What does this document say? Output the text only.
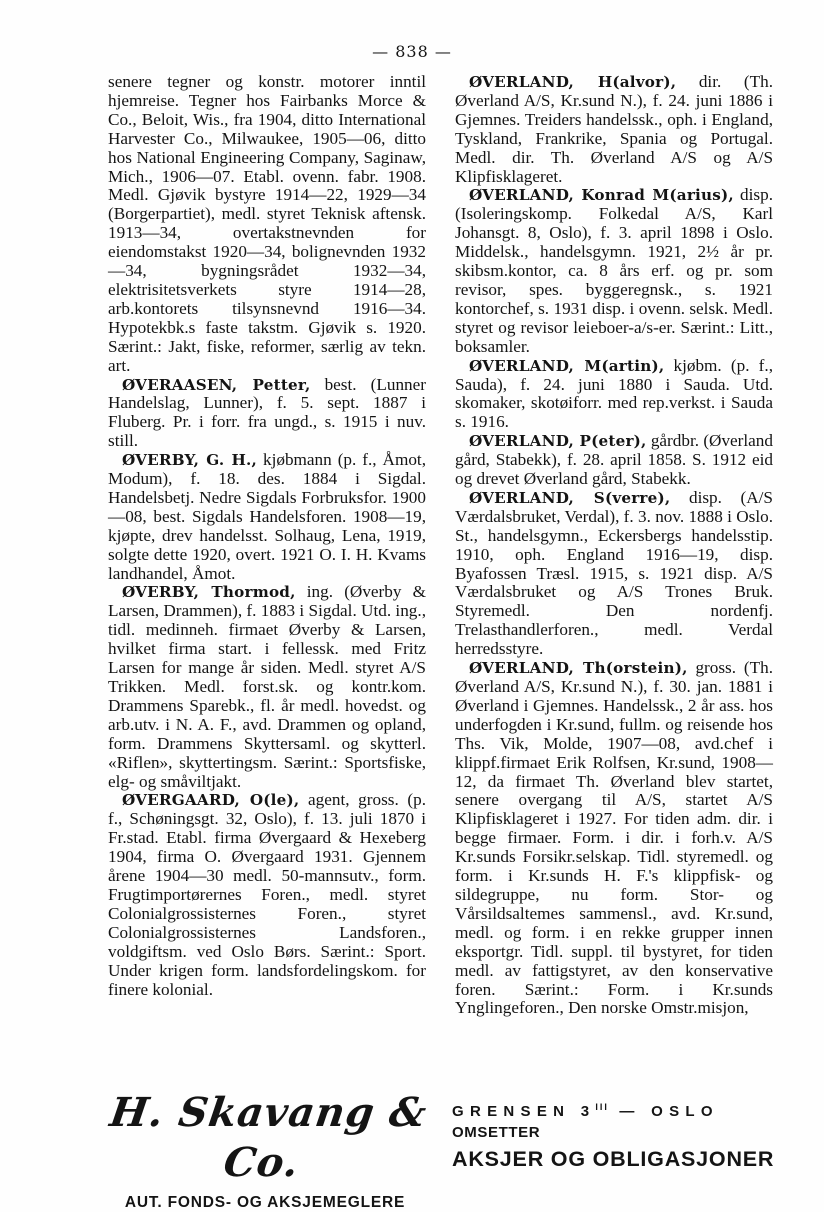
— 838 —

senere tegner og konstr. motorer inntil hjemreise. Tegner hos Fairbanks Morce & Co., Beloit, Wis., fra 1904, ditto International Harvester Co., Milwaukee, 1905—06, ditto hos National Engineering Company, Saginaw, Mich., 1906—07. Etabl. ovenn. fabr. 1908. Medl. Gjøvik bystyre 1914—22, 1929—34 (Borgerpartiet), medl. styret Teknisk aftensk. 1913—34, overtakstnevnden for eiendomstakst 1920—34, bolignevnden 1932—34, bygningsrådet 1932—34, elektrisitetsverkets styre 1914—28, arb.kontorets tilsynsnevnd 1916—34. Hypotekbk.s faste takstm. Gjøvik s. 1920. Særint.: Jakt, fiske, reformer, særlig av tekn. art.

ØVERAASEN, Petter, best. (Lunner Handelslag, Lunner), f. 5. sept. 1887 i Fluberg. Pr. i forr. fra ungd., s. 1915 i nuv. still.

ØVERBY, G. H., kjøbmann (p. f., Åmot, Modum), f. 18. des. 1884 i Sigdal. Handelsbetj. Nedre Sigdals Forbruksfor. 1900—08, best. Sigdals Handelsforen. 1908—19, kjøpte, drev handelsst. Solhaug, Lena, 1919, solgte dette 1920, overt. 1921 O. I. H. Kvams landhandel, Åmot.

ØVERBY, Thormod, ing. (Øverby & Larsen, Drammen), f. 1883 i Sigdal. Utd. ing., tidl. medinneh. firmaet Øverby & Larsen, hvilket firma start. i fellessk. med Fritz Larsen for mange år siden. Medl. styret A/S Trikken. Medl. forst.sk. og kontr.kom. Drammens Sparebk., fl. år medl. hovedst. og arb.utv. i N. A. F., avd. Drammen og opland, form. Drammens Skyttersaml. og skytterl. «Riflen», skyttertingsm. Særint.: Sportsfiske, elg- og småviltjakt.

ØVERGAARD, O(le), agent, gross. (p. f., Schøningsgt. 32, Oslo), f. 13. juli 1870 i Fr.stad. Etabl. firma Øvergaard & Hexeberg 1904, firma O. Øvergaard 1931. Gjennem årene 1904—30 medl. 50-mannsutv., form. Frugtimportørernes Foren., medl. styret Colonialgrossisternes Foren., styret Colonialgrossisternes Landsforen., voldgiftsm. ved Oslo Børs. Særint.: Sport. Under krigen form. landsfordelingskom. for finere kolonial.

ØVERLAND, H(alvor), dir. (Th. Øverland A/S, Kr.sund N.), f. 24. juni 1886 i Gjemnes. Treiders handelssk., oph. i England, Tyskland, Frankrike, Spania og Portugal. Medl. dir. Th. Øverland A/S og A/S Klipfisklageret.

ØVERLAND, Konrad M(arius), disp. (Isoleringskomp. Folkedal A/S, Karl Johansgt. 8, Oslo), f. 3. april 1898 i Oslo. Middelsk., handelsgymn. 1921, 2½ år pr. skibsm.kontor, ca. 8 års erf. og pr. som revisor, spes. byggeregnsk., s. 1921 kontorchef, s. 1931 disp. i ovenn. selsk. Medl. styret og revisor leieboer-a/s-er. Særint.: Litt., boksamler.

ØVERLAND, M(artin), kjøbm. (p. f., Sauda), f. 24. juni 1880 i Sauda. Utd. skomaker, skotøiforr. med rep.verkst. i Sauda s. 1916.

ØVERLAND, P(eter), gårdbr. (Øverland gård, Stabekk), f. 28. april 1858. S. 1912 eid og drevet Øverland gård, Stabekk.

ØVERLAND, S(verre), disp. (A/S Værdalsbruket, Verdal), f. 3. nov. 1888 i Oslo. St., handelsgymn., Eckersbergs handelsstip. 1910, oph. England 1916—19, disp. Byafossen Træsl. 1915, s. 1921 disp. A/S Værdalsbruket og A/S Trones Bruk. Styremedl. Den nordenfj. Trelasthandlerforen., medl. Verdal herredsstyre.

ØVERLAND, Th(orstein), gross. (Th. Øverland A/S, Kr.sund N.), f. 30. jan. 1881 i Øverland i Gjemnes. Handelssk., 2 år ass. hos underfogden i Kr.sund, fullm. og reisende hos Ths. Vik, Molde, 1907—08, avd.chef i klippf.firmaet Erik Rolfsen, Kr.sund, 1908—12, da firmaet Th. Øverland blev startet, senere overgang til A/S, startet A/S Klipfisklageret i 1927. For tiden adm. dir. i begge firmaer. Form. i dir. i forh.v. A/S Kr.sunds Forsikr.selskap. Tidl. styremedl. og form. i Kr.sunds H. F.'s klippfisk- og sildegruppe, nu form. Stor- og Vårsildsaltemes sammensl., avd. Kr.sund, medl. og form. i en rekke grupper innen eksportgr. Tidl. suppl. til bystyret, for tiden medl. av fattigstyret, av den konservative foren. Særint.: Form. i Kr.sunds Ynglingeforen., Den norske Omstr.misjon,

H. Skavang & Co.
AUT. FONDS- OG AKSJEMEGLERE
GRENSEN $3^{III}$ — OSLO
OMSETTER
AKSJER OG OBLIGASJONER
